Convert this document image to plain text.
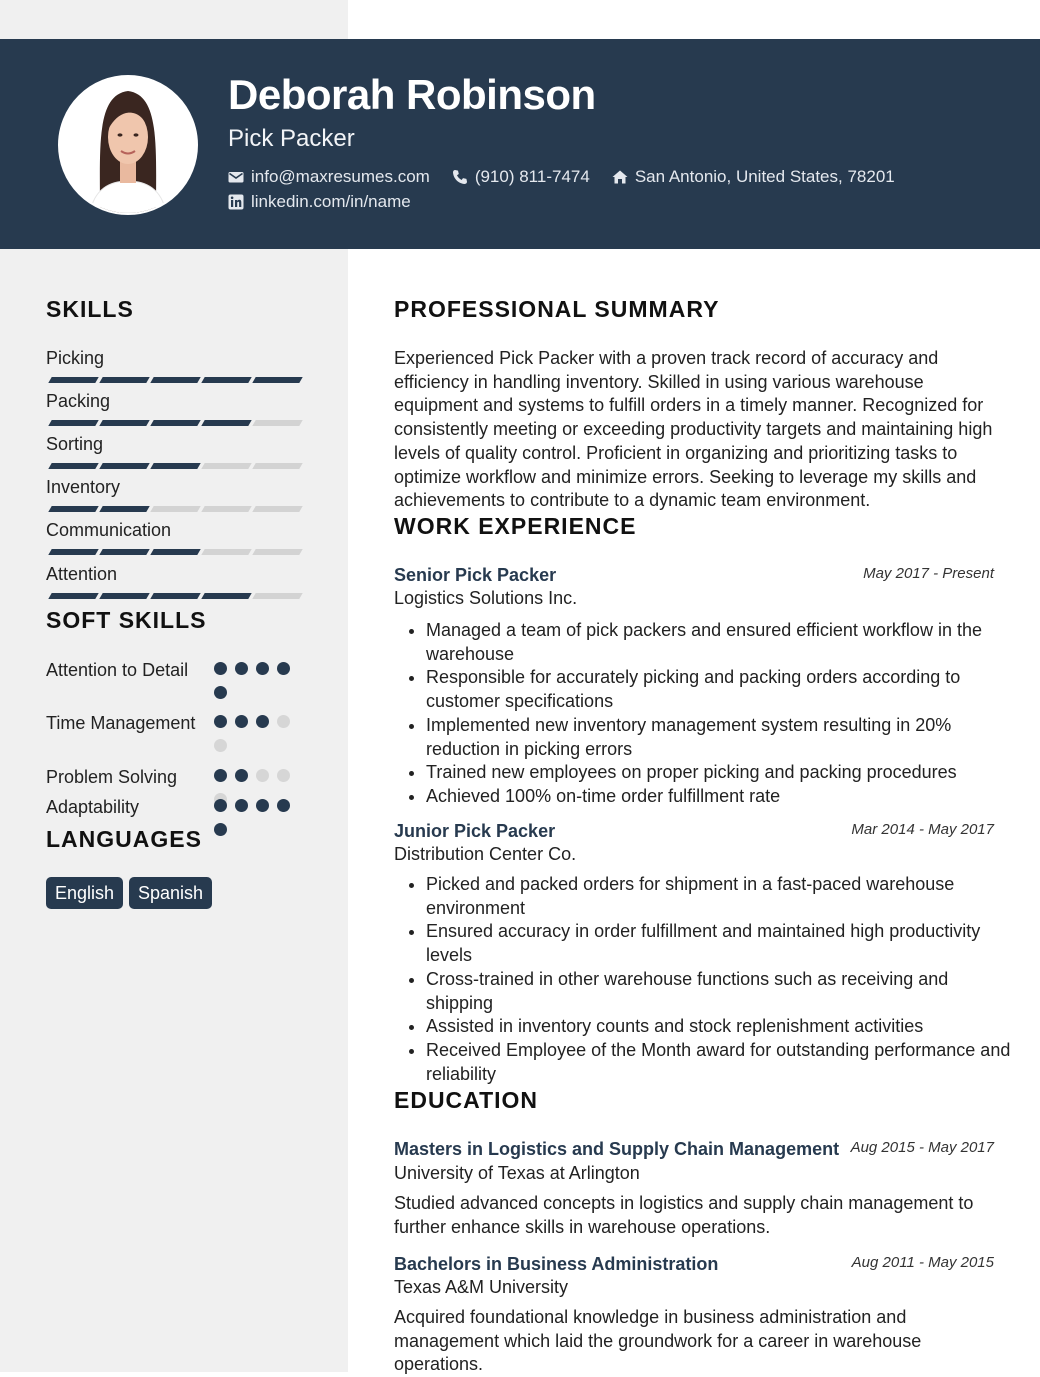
Deborah Robinson
Pick Packer
info@maxresumes.com	(910) 811-7474	San Antonio, United States, 78201
linkedin.com/in/name
SKILLS
Picking
Packing
Sorting
Inventory
Communication
Attention
SOFT SKILLS
Attention to Detail
Time Management
Problem Solving
Adaptability
LANGUAGES
English	Spanish
PROFESSIONAL SUMMARY
Experienced Pick Packer with a proven track record of accuracy and efficiency in handling inventory. Skilled in using various warehouse equipment and systems to fulfill orders in a timely manner. Recognized for consistently meeting or exceeding productivity targets and maintaining high levels of quality control. Proficient in organizing and prioritizing tasks to optimize workflow and minimize errors. Seeking to leverage my skills and achievements to contribute to a dynamic team environment.
WORK EXPERIENCE
Senior Pick Packer	May 2017 - Present
Logistics Solutions Inc.
• Managed a team of pick packers and ensured efficient workflow in the warehouse
• Responsible for accurately picking and packing orders according to customer specifications
• Implemented new inventory management system resulting in 20% reduction in picking errors
• Trained new employees on proper picking and packing procedures
• Achieved 100% on-time order fulfillment rate
Junior Pick Packer	Mar 2014 - May 2017
Distribution Center Co.
• Picked and packed orders for shipment in a fast-paced warehouse environment
• Ensured accuracy in order fulfillment and maintained high productivity levels
• Cross-trained in other warehouse functions such as receiving and shipping
• Assisted in inventory counts and stock replenishment activities
• Received Employee of the Month award for outstanding performance and reliability
EDUCATION
Masters in Logistics and Supply Chain Management Aug 2015 - May 2017
University of Texas at Arlington
Studied advanced concepts in logistics and supply chain management to further enhance skills in warehouse operations.
Bachelors in Business Administration	Aug 2011 - May 2015
Texas A&M University
Acquired foundational knowledge in business administration and management which laid the groundwork for a career in warehouse operations.
